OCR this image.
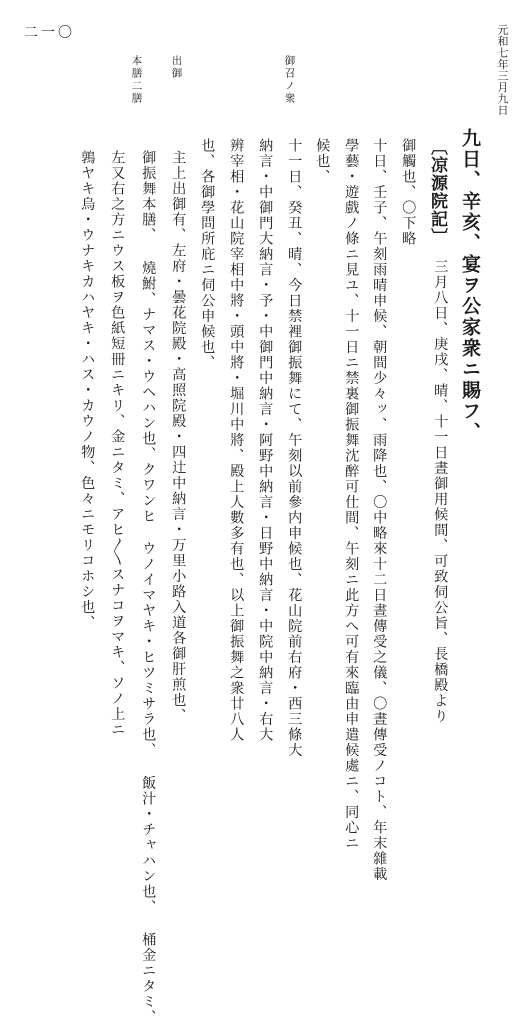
元和七年三月九日
二一〇
御召ノ衆
出御
本膳二膳
九日、辛亥、宴ヲ公家衆ニ賜フ、
〔凉源院記〕
一 三月八日、庚戌、晴、十一日晝御用候間、可致伺公旨、長橋殿より
御觸也、〇下略
十日、壬子、午刻雨晴申候、朝間少々ッ、雨降也、〇中略來十二日晝傳受之儀、〇晝傳受ノコト、年末雜載
學藝・遊戲ノ條ニ見ユ、十一日ニ禁裏御振舞沈醉可仕間、午刻ニ此方へ可有來臨由申遣候處ニ、同心ニ
候也、
十一日、癸丑、晴、今日禁裡御振舞にて、午刻以前參内申候也、花山院前右府・西三條大
納言・中御門大納言・予・中御門中納言・阿野中納言・日野中納言・中院中納言・右大
辨宰相・花山院宰相中將・頭中將・堀川中將、殿上人數多有也、以上御振舞之衆廿八人
也、各御學問所庇ニ伺公申候也、
主上出御有、左府・曇花院殿・高照院殿・四辻中納言・万里小路入道各御肝煎也、
御振舞本膳、 燒鮒、ナマス・ウヘハン也、クワンヒ ウノイマヤキ・ヒツミサラ也、 飯汁・チャハン也、 桶金ニタミ、
左又右之方ニウス板ヲ色紙短冊ニキリ、金ニタミ、アヒ〳〵スナコヲマキ、ソノ上ニ
鶉ヤキ烏・ウナキカハヤキ・ハス・カウノ物、色々ニモリコホシ也、
